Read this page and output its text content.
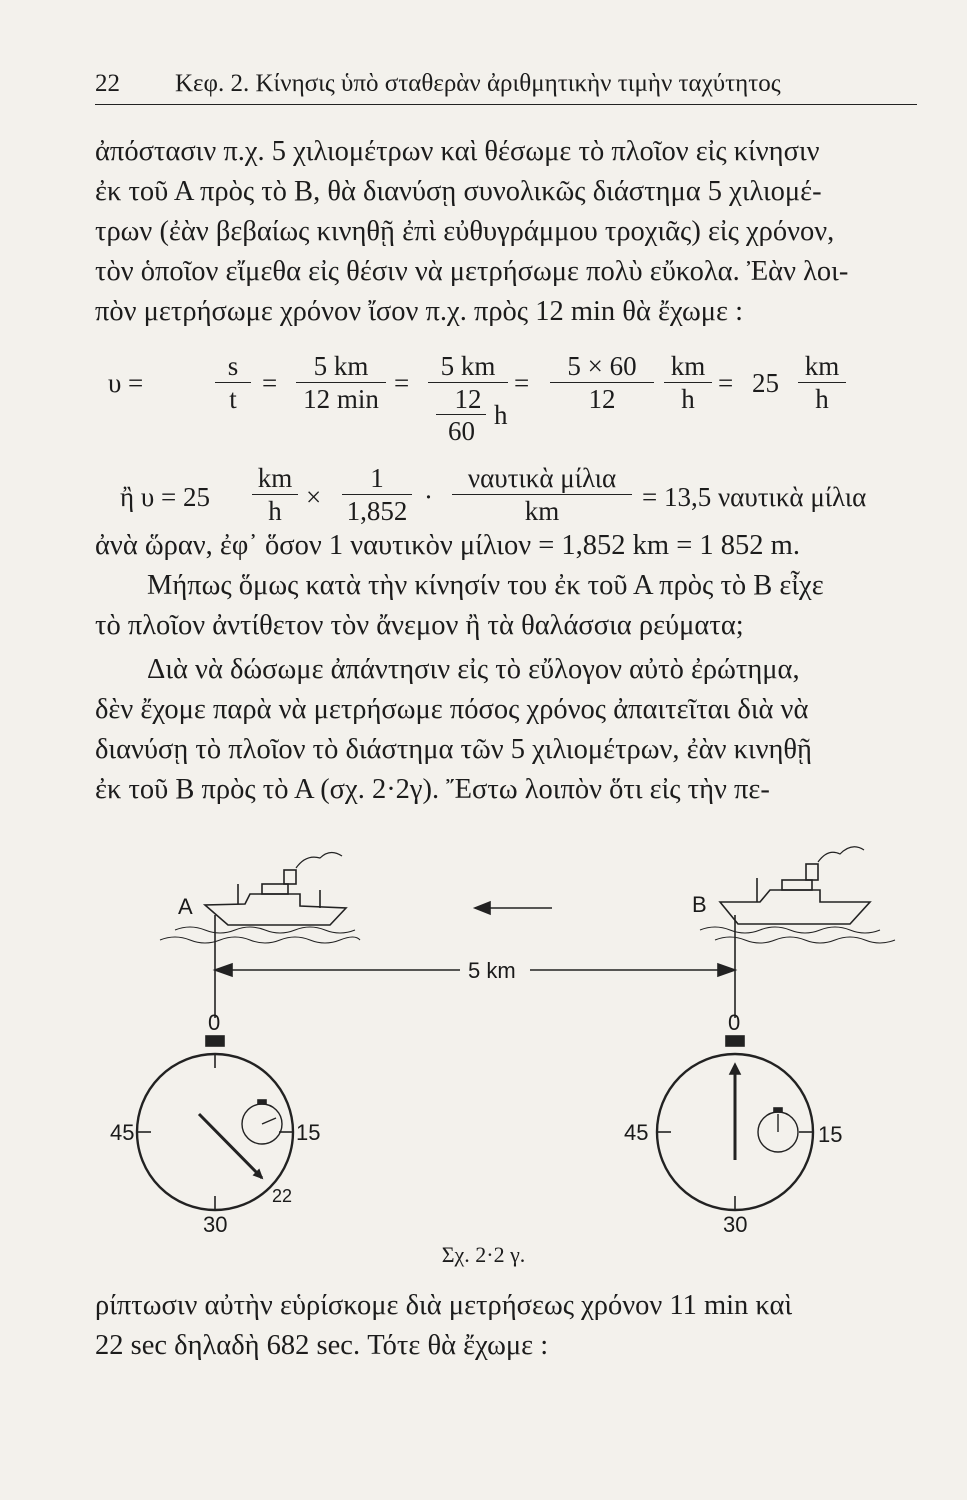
22 Κεφ. 2. Κίνησις ὑπὸ σταθερὰν ἀριθμητικὴν τιμὴν ταχύτητος
ἀπόστασιν π.χ. 5 χιλιομέτρων καὶ θέσωμε τὸ πλοῖον εἰς κίνησιν
ἐκ τοῦ Α πρὸς τὸ Β, θὰ διανύσῃ συνολικῶς διάστημα 5 χιλιομέ-
τρων (ἐὰν βεβαίως κινηθῇ ἐπὶ εὐθυγράμμου τροχιᾶς) εἰς χρόνον,
τὸν ὁποῖον εἴμεθα εἰς θέσιν νὰ μετρήσωμε πολὺ εὔκολα. Ἐὰν λοι-
πὸν μετρήσωμε χρόνον ἴσον π.χ. πρὸς 12 min θὰ ἔχωμε :
υ =	$\frac{s}{t}$ =
5 km
12 min
= $\frac{5 km}{12}$
60
h
= $\frac{5 \times 60}{12} \frac{km}{h} = 25 \frac{km}{h}$
ἢ $\upsilon = 25 \frac{km}{h} \times \frac{1}{1,852}$ ·
ναυτικὰ μίλια
km	= 13,5 ναυτικὰ μίλια
ἀνὰ ὥραν, ἐφ᾽ ὅσον 1 ναυτικὸν μίλιον = 1,852 km = 1 852 m.
Μήπως ὅμως κατὰ τὴν κίνησίν του ἐκ τοῦ Α πρὸς τὸ Β εἶχε
τὸ πλοῖον ἀντίθετον τὸν ἄνεμον ἢ τὰ θαλάσσια ρεύματα;
Διὰ νὰ δώσωμε ἀπάντησιν εἰς τὸ εὔλογον αὐτὸ ἐρώτημα,
δὲν ἔχομε παρὰ νὰ μετρήσωμε πόσος χρόνος ἀπαιτεῖται διὰ νὰ
διανύσῃ τὸ πλοῖον τὸ διάστημα τῶν 5 χιλιομέτρων, ἐὰν κινηθῇ
ἐκ τοῦ Β πρὸς τὸ Α (σχ. 2·2γ). Ἔστω λοιπὸν ὅτι εἰς τὴν πε-
A	B
5 km
0
45	15
30
22
0
45	15
30
Σχ. 2·2 γ.
ρίπτωσιν αὐτὴν εὑρίσκομε διὰ μετρήσεως χρόνον 11 min καὶ
22 sec δηλαδὴ 682 sec. Τότε θὰ ἔχωμε :
